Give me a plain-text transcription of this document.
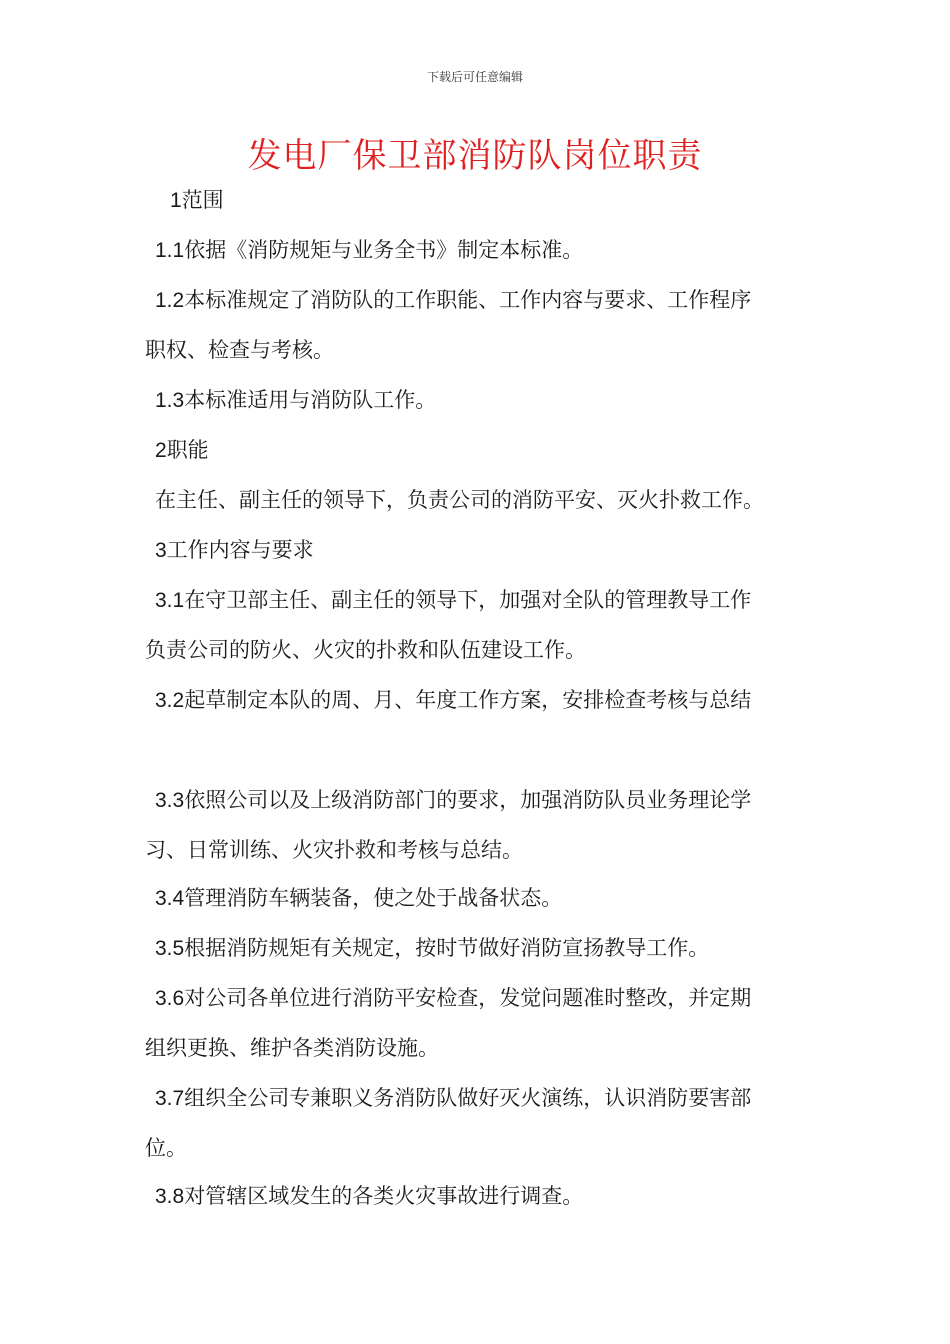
下载后可任意编辑
发电厂保卫部消防队岗位职责
1范围
1.1依据《消防规矩与业务全书》制定本标准。
1.2本标准规定了消防队的工作职能、工作内容与要求、工作程序
职权、检查与考核。
1.3本标准适用与消防队工作。
2职能
在主任、副主任的领导下，负责公司的消防平安、灭火扑救工作。
3工作内容与要求
3.1在守卫部主任、副主任的领导下，加强对全队的管理教导工作
负责公司的防火、火灾的扑救和队伍建设工作。
3.2起草制定本队的周、月、年度工作方案，安排检查考核与总结
3.3依照公司以及上级消防部门的要求，加强消防队员业务理论学
习、日常训练、火灾扑救和考核与总结。
3.4管理消防车辆装备，使之处于战备状态。
3.5根据消防规矩有关规定，按时节做好消防宣扬教导工作。
3.6对公司各单位进行消防平安检查，发觉问题准时整改，并定期
组织更换、维护各类消防设施。
3.7组织全公司专兼职义务消防队做好灭火演练，认识消防要害部
位。
3.8对管辖区域发生的各类火灾事故进行调查。
